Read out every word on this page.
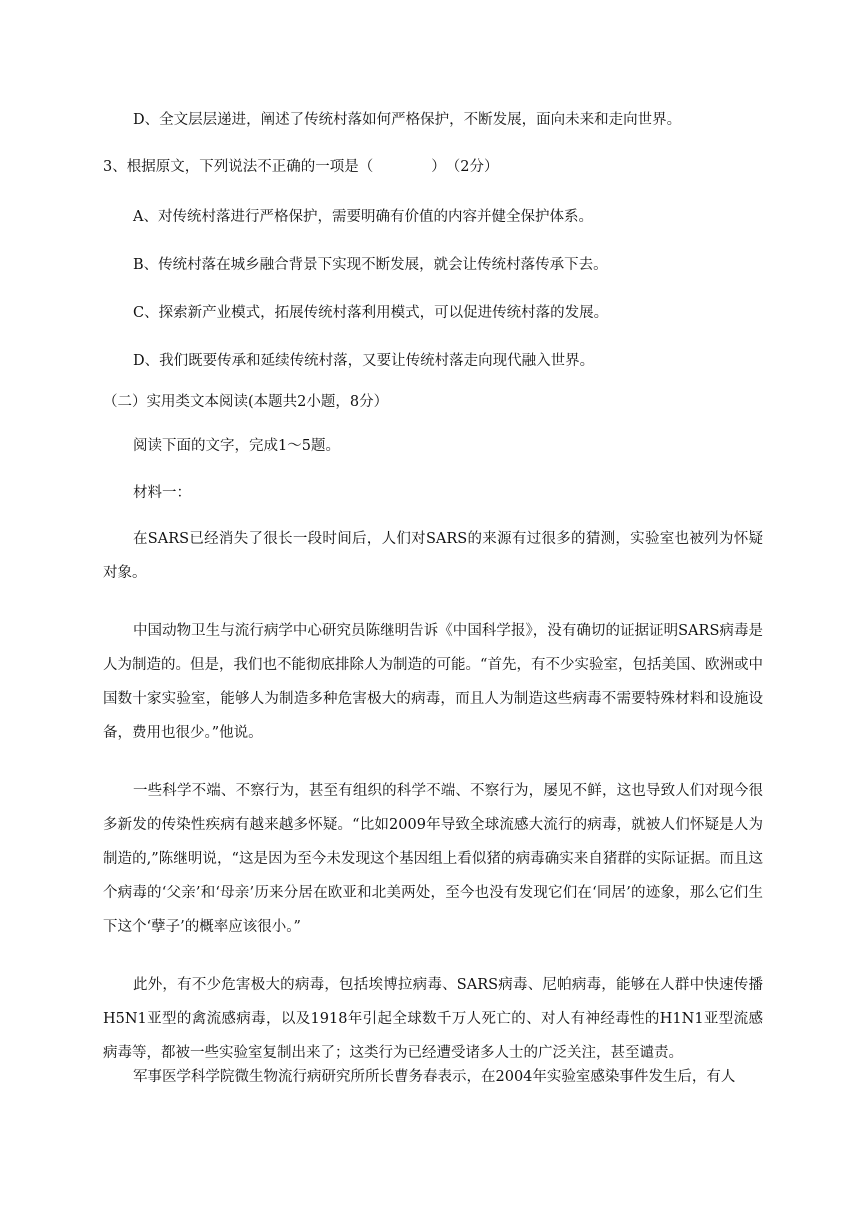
D、全文层层递进，阐述了传统村落如何严格保护，不断发展，面向未来和走向世界。
3、根据原文，下列说法不正确的一项是（　　　　）　（2分）
A、对传统村落进行严格保护，需要明确有价值的内容并健全保护体系。
B、传统村落在城乡融合背景下实现不断发展，就会让传统村落传承下去。
C、探索新产业模式，拓展传统村落利用模式，可以促进传统村落的发展。
D、我们既要传承和延续传统村落，又要让传统村落走向现代融入世界。
（二）实用类文本阅读(本题共2小题，8分）
阅读下面的文字，完成1～5题。
材料一：
在SARS已经消失了很长一段时间后，人们对SARS的来源有过很多的猜测，实验室也被列为怀疑对象。
中国动物卫生与流行病学中心研究员陈继明告诉《中国科学报》，没有确切的证据证明SARS病毒是人为制造的。但是，我们也不能彻底排除人为制造的可能。“首先，有不少实验室，包括美国、欧洲或中国数十家实验室，能够人为制造多种危害极大的病毒，而且人为制造这些病毒不需要特殊材料和设施设备，费用也很少。”他说。
一些科学不端、不察行为，甚至有组织的科学不端、不察行为，屡见不鲜，这也导致人们对现今很多新发的传染性疾病有越来越多怀疑。“比如2009年导致全球流感大流行的病毒，就被人们怀疑是人为制造的,”陈继明说，“这是因为至今未发现这个基因组上看似猪的病毒确实来自猪群的实际证据。而且这个病毒的‘父亲’和‘母亲’历来分居在欧亚和北美两处，至今也没有发现它们在‘同居’的迹象，那么它们生下这个‘孽子’的概率应该很小。”
此外，有不少危害极大的病毒，包括埃博拉病毒、SARS病毒、尼帕病毒，能够在人群中快速传播H5N1亚型的禽流感病毒，以及1918年引起全球数千万人死亡的、对人有神经毒性的H1N1亚型流感病毒等，都被一些实验室复制出来了；这类行为已经遭受诸多人士的广泛关注，甚至谴责。
军事医学科学院微生物流行病研究所所长曹务春表示，在2004年实验室感染事件发生后，有人
